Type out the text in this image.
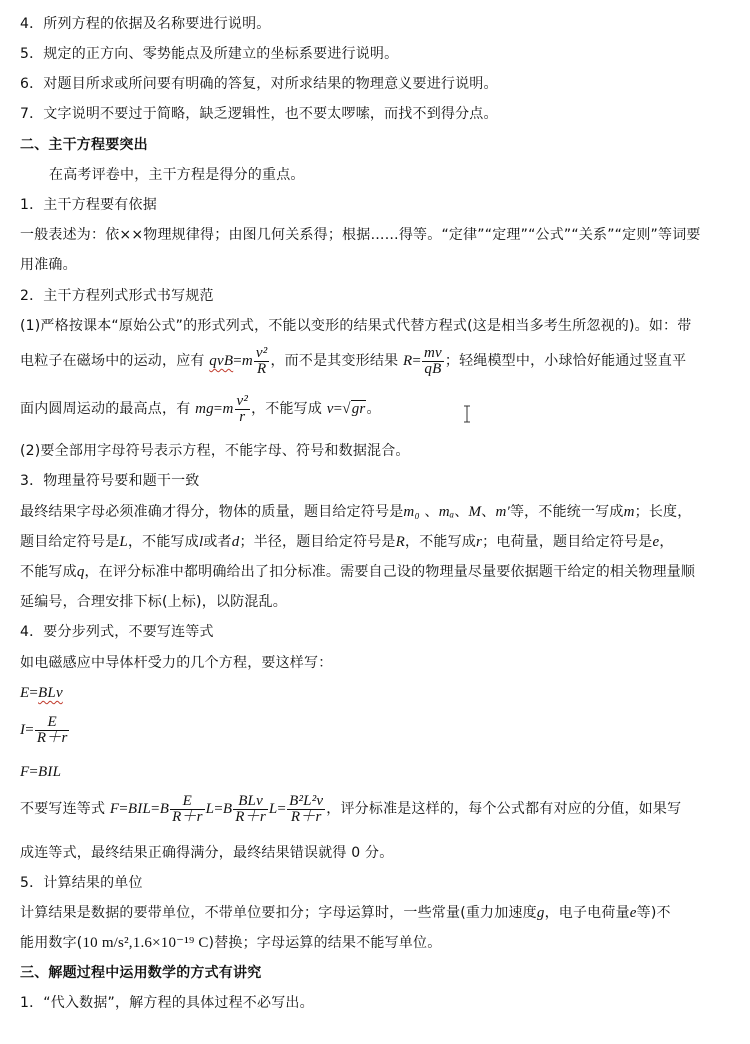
4．所列方程的依据及名称要进行说明。
5．规定的正方向、零势能点及所建立的坐标系要进行说明。
6．对题目所求或所问要有明确的答复，对所求结果的物理意义要进行说明。
7．文字说明不要过于简略，缺乏逻辑性，也不要太啰嗦，而找不到得分点。
二、主干方程要突出
在高考评卷中，主干方程是得分的重点。
1．主干方程要有依据
一般表述为：依××物理规律得；由图几何关系得；根据……得等。“定律”“定理”“公式”“关系”“定则”等词要
用准确。
2．主干方程列式形式书写规范
(1)严格按课本“原始公式”的形式列式，不能以变形的结果式代替方程式(这是相当多考生所忽视的)。如：带
电粒子在磁场中的运动，应有 $qvB=m \frac{\text{v²}}{R}$ ，而不是其变形结果 $R= \frac{mv}{qB}$ ；轻绳模型中，小球恰好能通过竖直平
面内圆周运动的最高点，有 $mg=m \frac{\text{v²}}{r}$ ，不能写成 v=√gr。
(2)要全部用字母符号表示方程，不能字母、符号和数据混合。
3．物理量符号要和题干一致
最终结果字母必须准确才得分，物体的质量，题目给定符号是m₀ 、mₐ、M、m′等，不能统一写成m；长度，
题目给定符号是L，不能写成l或者d；半径，题目给定符号是R，不能写成r；电荷量，题目给定符号是e，
不能写成q，在评分标准中都明确给出了扣分标准。需要自己设的物理量尽量要依据题干给定的相关物理量顺
延编号，合理安排下标(上标)，以防混乱。
4．要分步列式，不要写连等式
如电磁感应中导体杆受力的几个方程，要这样写：
E=BLv
$I= \frac{E}{R+r}$
F=BIL
不要写连等式 $F=BIL=B \frac{E}{R+r} L=B \frac{\text{BLv}}{R+r} L= \frac{\text{B²L²v}}{R+r}$ ，评分标准是这样的，每个公式都有对应的分值，如果写
成连等式，最终结果正确得满分，最终结果错误就得 0 分。
5．计算结果的单位
计算结果是数据的要带单位，不带单位要扣分；字母运算时，一些常量(重力加速度g，电子电荷量e等)不
能用数字(10 m/s²,1.6×10⁻¹⁹ C)替换；字母运算的结果不能写单位。
三、解题过程中运用数学的方式有讲究
1．“代入数据”，解方程的具体过程不必写出。
